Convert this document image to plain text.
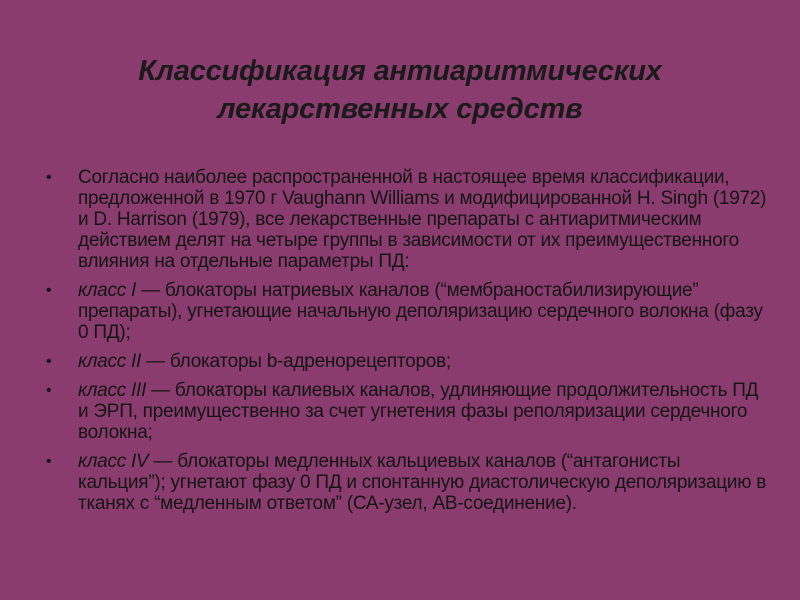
Классификация антиаритмических
лекарственных средств
• Согласно наиболее распространенной в настоящее время классификации, предложенной в 1970 г Vaughann Williams и модифицированной H. Singh (1972) и D. Harrison (1979), все лекарственные препараты с антиаритмическим действием делят на четыре группы в зависимости от их преимущественного влияния на отдельные параметры ПД:
• класс I — блокаторы натриевых каналов (“мембраностабилизирующие” препараты), угнетающие начальную деполяризацию сердечного волокна (фазу 0 ПД);
• класс II — блокаторы b-адренорецепторов;
• класс III — блокаторы калиевых каналов, удлиняющие продолжительность ПД и ЭРП, преимущественно за счет угнетения фазы реполяризации сердечного волокна;
• класс IV — блокаторы медленных кальциевых каналов (“антагонисты кальция”); угнетают фазу 0 ПД и спонтанную диастолическую деполяризацию в тканях с “медленным ответом” (СА-узел, АВ-соединение).
